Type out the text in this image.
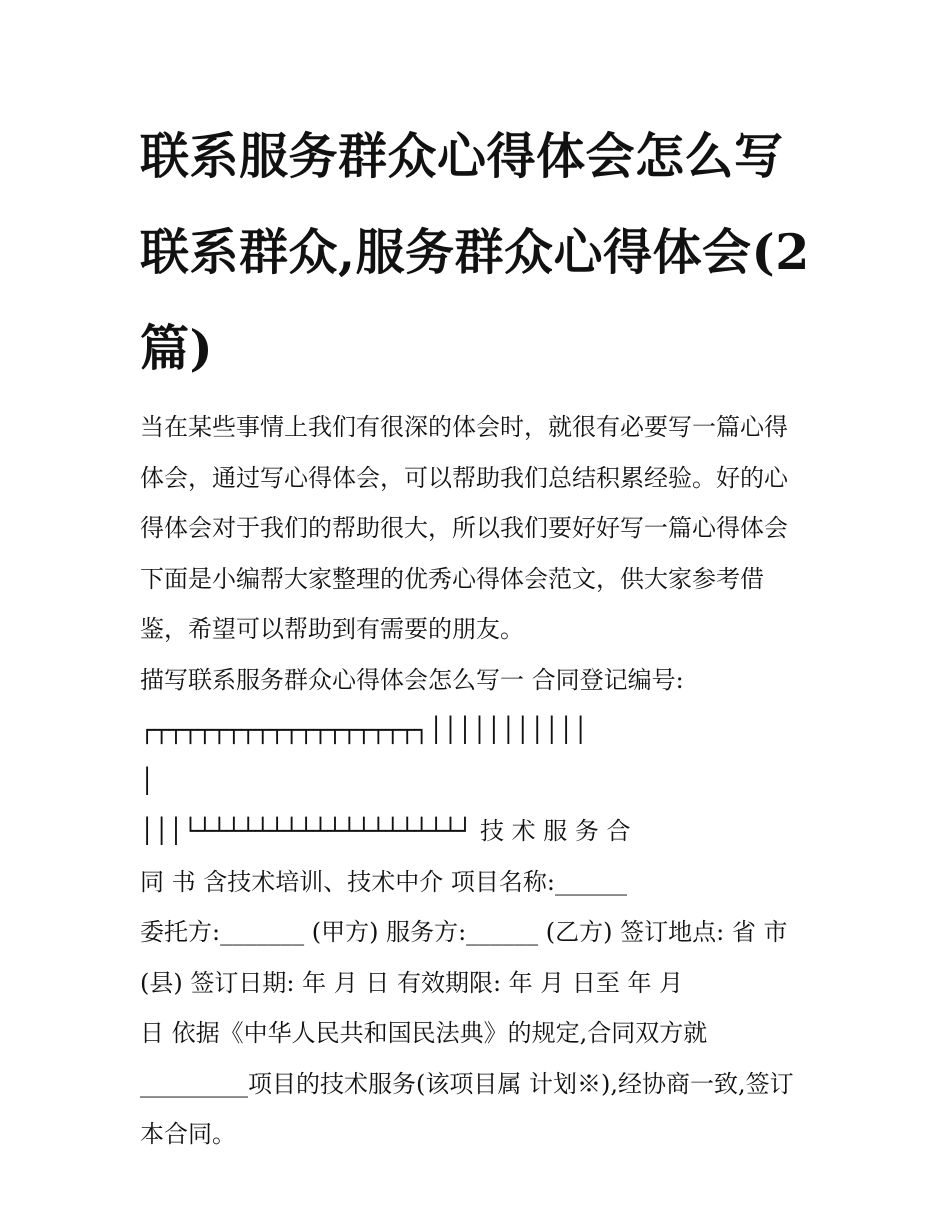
联系服务群众心得体会怎么写
联系群众,服务群众心得体会(2
篇)
当在某些事情上我们有很深的体会时，就很有必要写一篇心得
体会，通过写心得体会，可以帮助我们总结积累经验。好的心
得体会对于我们的帮助很大，所以我们要好好写一篇心得体会
下面是小编帮大家整理的优秀心得体会范文，供大家参考借
鉴，希望可以帮助到有需要的朋友。
描写联系服务群众心得体会怎么写一 合同登记编号:
┌┬┬┬┬┬┬┬┬┬┬┬┬┬┬┬┬┬┬┐│││││││││││
│
│││└┴┴┴┴┴┴┴┴┴┴┴┴┴┴┴┴┴┴┘ 技 术 服 务 合
同 书 含技术培训、技术中介 项目名称:______
委托方:_______ (甲方) 服务方:______ (乙方) 签订地点: 省 市
(县) 签订日期: 年 月 日 有效期限: 年 月 日至 年 月
日 依据《中华人民共和国民法典》的规定,合同双方就
_________项目的技术服务(该项目属 计划※),经协商一致,签订
本合同。
